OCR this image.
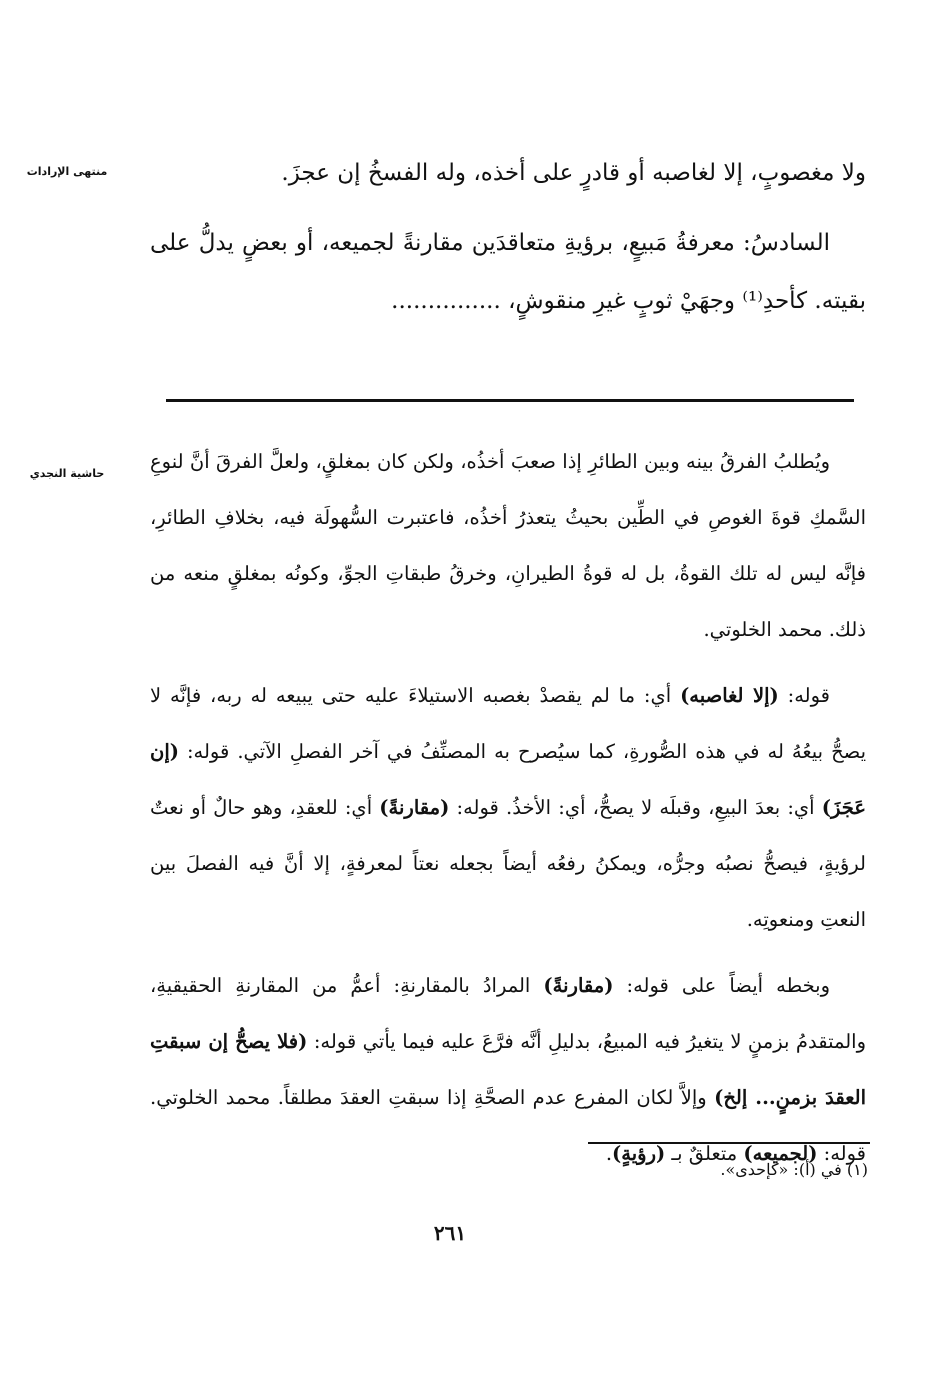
منتهى الإرادات
حاشية النجدي

ولا مغصوبٍ، إلا لغاصبه أو قادرٍ على أخذه، وله الفسخُ إن عجزَ.

السادسُ: معرفةُ مَبيعٍ، برؤيةِ متعاقدَين مقارنةً لجميعه، أو بعضٍ يدلُّ على بقيته. كأحدِ⁽¹⁾ وجهَيْ ثوبٍ غيرِ منقوشٍ، ...............

ويُطلبُ الفرقُ بينه وبين الطائرِ إذا صعبَ أخذُه، ولكن كان بمغلقٍ، ولعلَّ الفرقَ أنَّ لنوعِ السَّمكِ قوةَ الغوصِ في الطِّين بحيثُ يتعذرُ أخذُه، فاعتبرت السُّهولَة فيه، بخلافِ الطائرِ، فإنَّه ليس له تلك القوةُ، بل له قوةُ الطيرانِ، وخرقُ طبقاتِ الجوِّ، وكونُه بمغلقٍ منعه من ذلك. محمد الخلوتي.

قوله: (إلا لغاصبه) أي: ما لم يقصدْ بغصبه الاستيلاءَ عليه حتى يبيعه له ربه، فإنَّه لا يصحُّ بيعُهُ له في هذه الصُّورةِ، كما سيُصرح به المصنِّفُ في آخر الفصلِ الآتي. قوله: (إن عَجَزَ) أي: بعدَ البيعِ، وقبلَه لا يصحُّ، أي: الأخذُ. قوله: (مقارنةً) أي: للعقدِ، وهو حالٌ أو نعتٌ لرؤيةٍ، فيصحُّ نصبُه وجرُّه، ويمكنُ رفعُه أيضاً بجعله نعتاً لمعرفةٍ، إلا أنَّ فيه الفصلَ بين النعتِ ومنعوتِه.

وبخطه أيضاً على قوله: (مقارنةً) المرادُ بالمقارنةِ: أعمُّ من المقارنةِ الحقيقيةِ، والمتقدمُ بزمنٍ لا يتغيرُ فيه المبيعُ، بدليلِ أنَّه فرَّعَ عليه فيما يأتي قوله: (فلا يصحُّ إن سبقتِ العقدَ بزمنٍ... إلخ) وإلاَّ لكان المفرع عدم الصحَّةِ إذا سبقتِ العقدَ مطلقاً. محمد الخلوتي. قوله: (لجميعه) متعلقٌ بـ (رؤيةٍ).

(١) في (أ): «كإحدى».
٢٦١
